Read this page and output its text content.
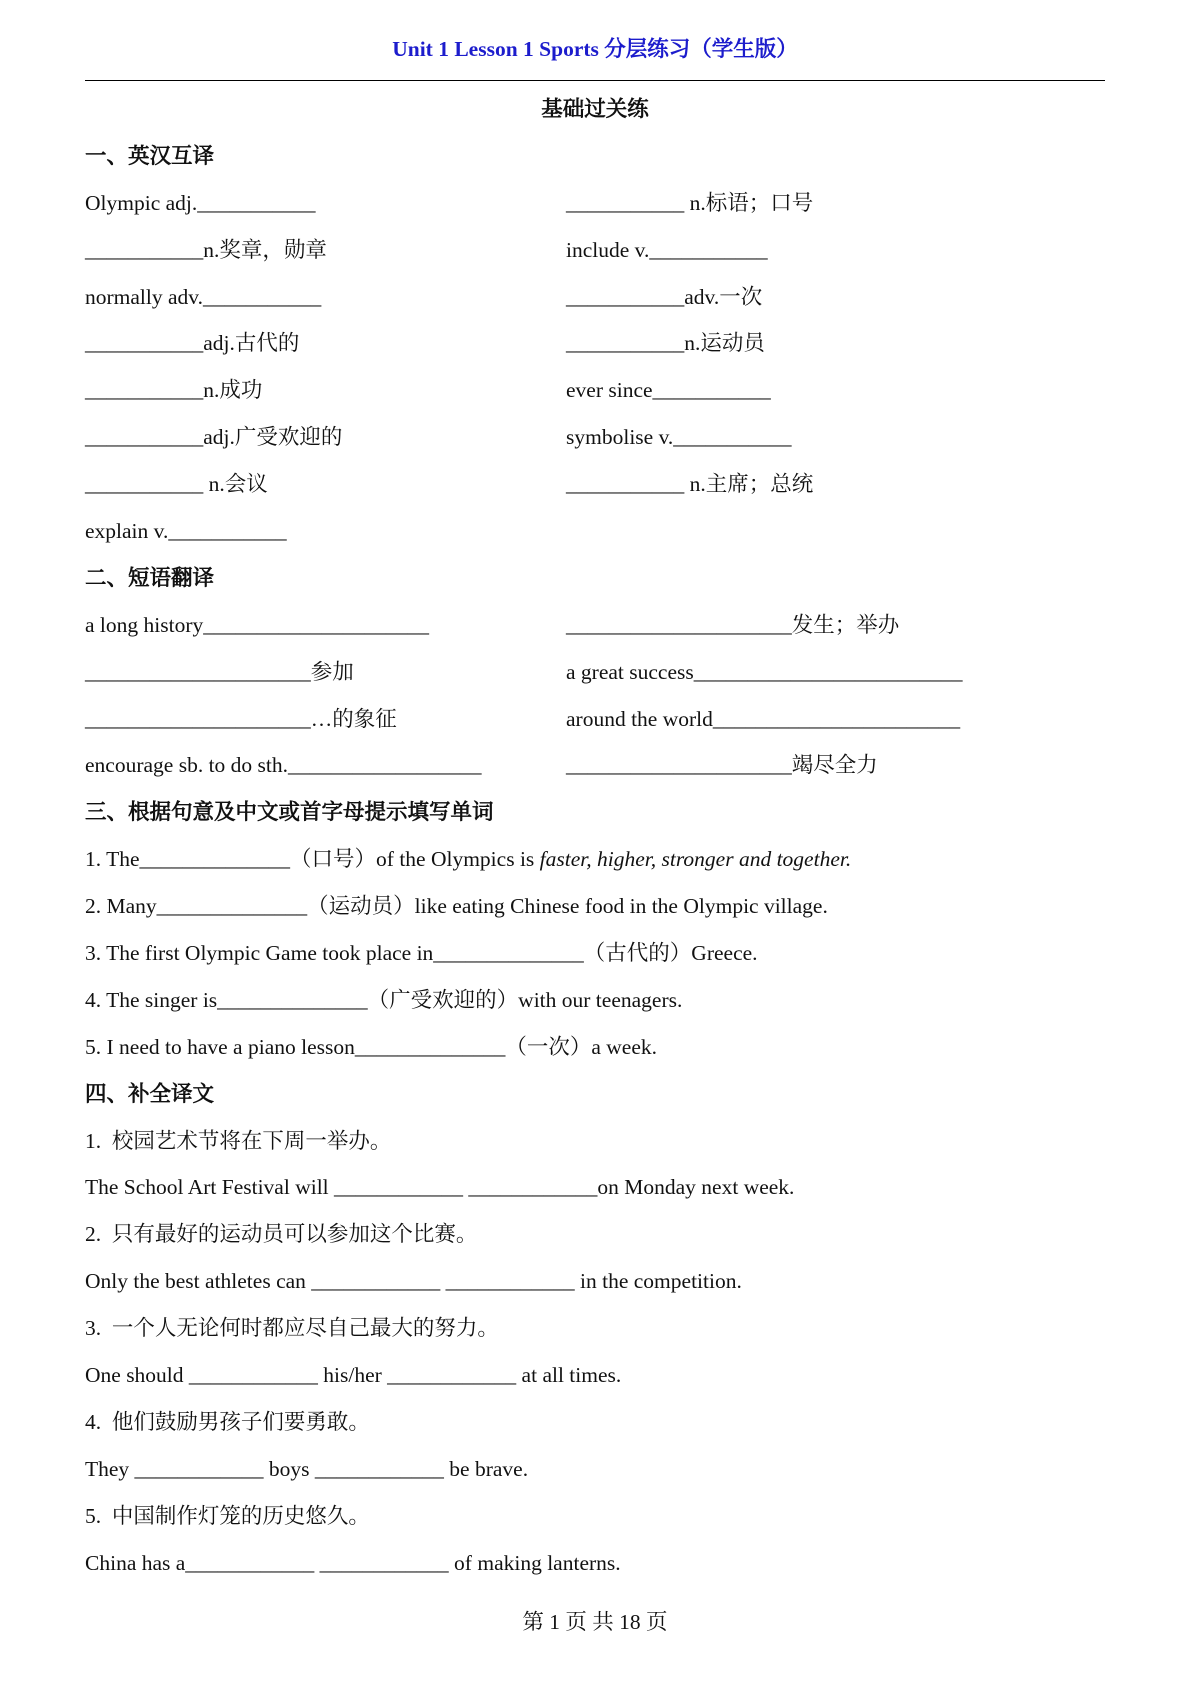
Unit 1 Lesson 1 Sports 分层练习（学生版）
基础过关练
一、英汉互译
Olympic adj.___________	___________ n.标语；口号
___________n.奖章，勋章	include v.___________
normally adv.___________	___________adv.一次
___________adj.古代的	___________n.运动员
___________n.成功	ever since___________
___________adj.广受欢迎的	symbolise v.___________
___________ n.会议	___________ n.主席；总统
explain v.___________
二、短语翻译
a long history_____________________	_____________________发生；举办
_____________________参加	a great success_________________________
_____________________…的象征	around the world_______________________
encourage sb. to do sth.__________________	_____________________竭尽全力
三、根据句意及中文或首字母提示填写单词
1. The______________（口号）of the Olympics is faster, higher, stronger and together.
2. Many______________（运动员）like eating Chinese food in the Olympic village.
3. The first Olympic Game took place in______________（古代的）Greece.
4. The singer is______________（广受欢迎的）with our teenagers.
5. I need to have a piano lesson______________（一次）a week.
四、补全译文
1.  校园艺术节将在下周一举办。
The School Art Festival will ____________ ____________on Monday next week.
2.  只有最好的运动员可以参加这个比赛。
Only the best athletes can ____________ ____________ in the competition.
3.  一个人无论何时都应尽自己最大的努力。
One should ____________ his/her ____________ at all times.
4.  他们鼓励男孩子们要勇敢。
They ____________ boys ____________ be brave.
5.  中国制作灯笼的历史悠久。
China has a____________ ____________ of making lanterns.
第 1 页 共 18 页
